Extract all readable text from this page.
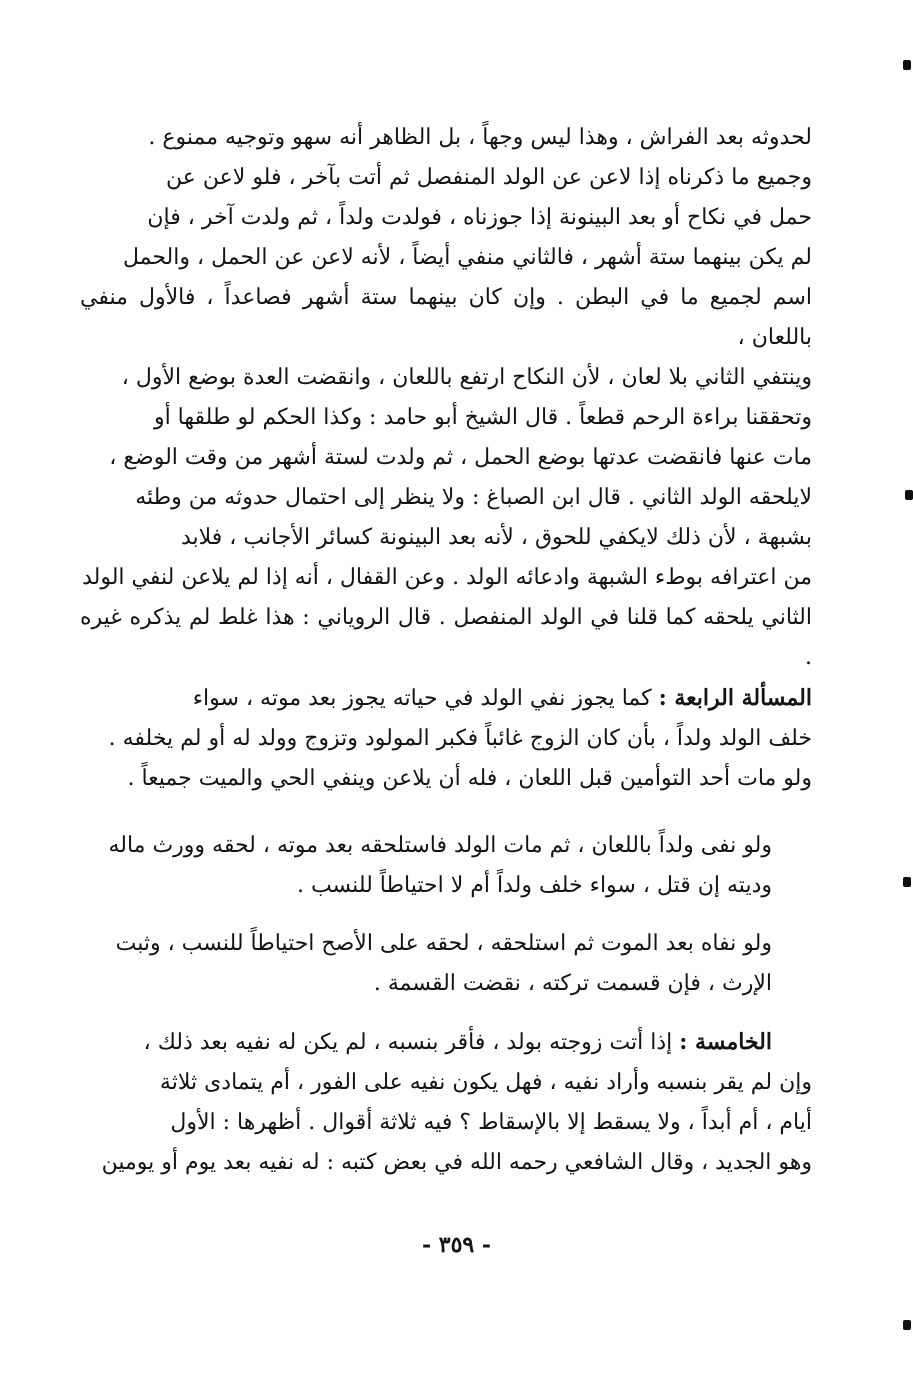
لحدوثه بعد الفراش ، وهذا ليس وجهاً ، بل الظاهر أنه سهو وتوجيه ممنوع .
وجميع ما ذكرناه إذا لاعن عن الولد المنفصل ثم أتت بآخر ، فلو لاعن عن
حمل في نكاح أو بعد البينونة إذا جوزناه ، فولدت ولداً ، ثم ولدت آخر ، فإن
لم يكن بينهما ستة أشهر ، فالثاني منفي أيضاً ، لأنه لاعن عن الحمل ، والحمل
اسم لجميع ما في البطن . وإن كان بينهما ستة أشهر فصاعداً ، فالأول منفي باللعان ،
وينتفي الثاني بلا لعان ، لأن النكاح ارتفع باللعان ، وانقضت العدة بوضع الأول ،
وتحققنا براءة الرحم قطعاً . قال الشيخ أبو حامد : وكذا الحكم لو طلقها أو
مات عنها فانقضت عدتها بوضع الحمل ، ثم ولدت لستة أشهر من وقت الوضع ،
لايلحقه الولد الثاني . قال ابن الصباغ : ولا ينظر إلى احتمال حدوثه من وطئه
بشبهة ، لأن ذلك لايكفي للحوق ، لأنه بعد البينونة كسائر الأجانب ، فلابد
من اعترافه بوطء الشبهة وادعائه الولد . وعن القفال ، أنه إذا لم يلاعن لنفي الولد
الثاني يلحقه كما قلنا في الولد المنفصل . قال الروياني : هذا غلط لم يذكره غيره .
المسألة الرابعة : كما يجوز نفي الولد في حياته يجوز بعد موته ، سواء
خلف الولد ولداً ، بأن كان الزوج غائباً فكبر المولود وتزوج وولد له أو لم يخلفه .
ولو مات أحد التوأمين قبل اللعان ، فله أن يلاعن وينفي الحي والميت جميعاً .
ولو نفى ولداً باللعان ، ثم مات الولد فاستلحقه بعد موته ، لحقه وورث ماله
وديته إن قتل ، سواء خلف ولداً أم لا احتياطاً للنسب .
ولو نفاه بعد الموت ثم استلحقه ، لحقه على الأصح احتياطاً للنسب ، وثبت
الإرث ، فإن قسمت تركته ، نقضت القسمة .
الخامسة : إذا أتت زوجته بولد ، فأقر بنسبه ، لم يكن له نفيه بعد ذلك ،
وإن لم يقر بنسبه وأراد نفيه ، فهل يكون نفيه على الفور ، أم يتمادى ثلاثة
أيام ، أم أبداً ، ولا يسقط إلا بالإسقاط ؟ فيه ثلاثة أقوال . أظهرها : الأول
وهو الجديد ، وقال الشافعي رحمه الله في بعض كتبه : له نفيه بعد يوم أو يومين
- ٣٥٩ -
